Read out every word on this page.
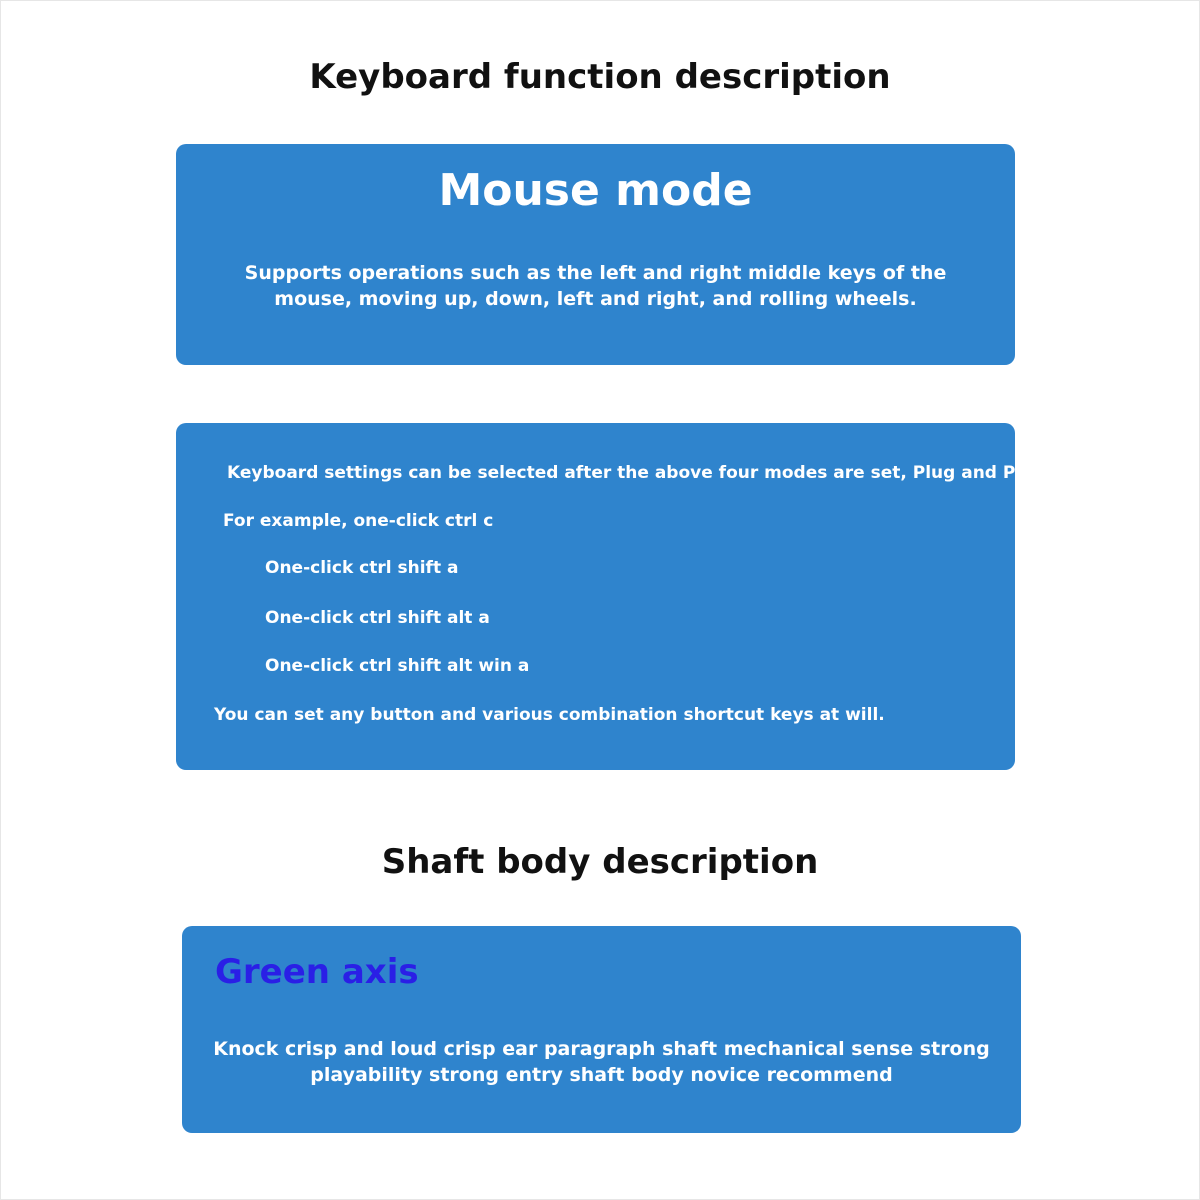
Keyboard function description
Mouse mode
Supports operations such as the left and right middle keys of the mouse, moving up, down, left and right, and rolling wheels.
Keyboard settings can be selected after the above four modes are set, Plug and Play
For example, one-click ctrl c
One-click ctrl shift a
One-click ctrl shift alt a
One-click ctrl shift alt win a
You can set any button and various combination shortcut keys at will.
Shaft body description
Green axis
Knock crisp and loud crisp ear paragraph shaft mechanical sense strong playability strong entry shaft body novice recommend
